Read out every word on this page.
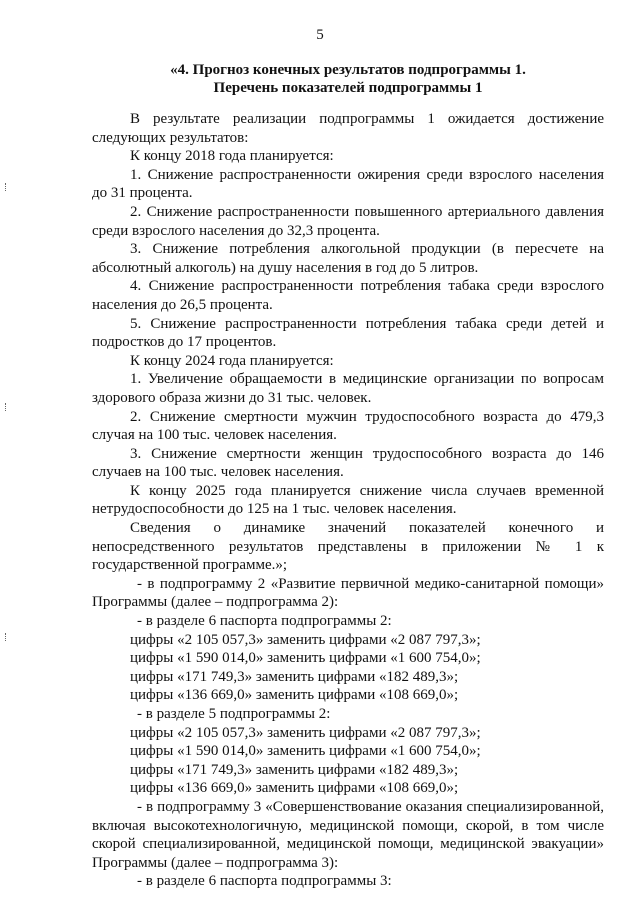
5
«4. Прогноз конечных результатов подпрограммы 1.
Перечень показателей подпрограммы 1

В результате реализации подпрограммы 1 ожидается достижение следующих результатов:

К концу 2018 года планируется:

1. Снижение распространенности ожирения среди взрослого населения до 31 процента.

2. Снижение распространенности повышенного артериального давления среди взрослого населения до 32,3 процента.

3. Снижение потребления алкогольной продукции (в пересчете на абсолютный алкоголь) на душу населения в год до 5 литров.

4. Снижение распространенности потребления табака среди взрослого населения до 26,5 процента.

5. Снижение распространенности потребления табака среди детей и подростков до 17 процентов.

К концу 2024 года планируется:

1. Увеличение обращаемости в медицинские организации по вопросам здорового образа жизни до 31 тыс. человек.

2. Снижение смертности мужчин трудоспособного возраста до 479,3 случая на 100 тыс. человек населения.

3. Снижение смертности женщин трудоспособного возраста до 146 случаев на 100 тыс. человек населения.

К концу 2025 года планируется снижение числа случаев временной нетрудоспособности до 125 на 1 тыс. человек населения.

Сведения о динамике значений показателей конечного и непосредственного результатов представлены в приложении № 1 к государственной программе.»;

- в подпрограмму 2 «Развитие первичной медико-санитарной помощи» Программы (далее – подпрограмма 2):

- в разделе 6 паспорта подпрограммы 2:

цифры «2 105 057,3» заменить цифрами «2 087 797,3»;

цифры «1 590 014,0» заменить цифрами «1 600 754,0»;

цифры «171 749,3» заменить цифрами «182 489,3»;

цифры «136 669,0» заменить цифрами «108 669,0»;

- в разделе 5 подпрограммы 2:

цифры «2 105 057,3» заменить цифрами «2 087 797,3»;

цифры «1 590 014,0» заменить цифрами «1 600 754,0»;

цифры «171 749,3» заменить цифрами «182 489,3»;

цифры «136 669,0» заменить цифрами «108 669,0»;

- в подпрограмму 3 «Совершенствование оказания специализированной, включая высокотехнологичную, медицинской помощи, скорой, в том числе скорой специализированной, медицинской помощи, медицинской эвакуации» Программы (далее – подпрограмма 3):

- в разделе 6 паспорта подпрограммы 3:
